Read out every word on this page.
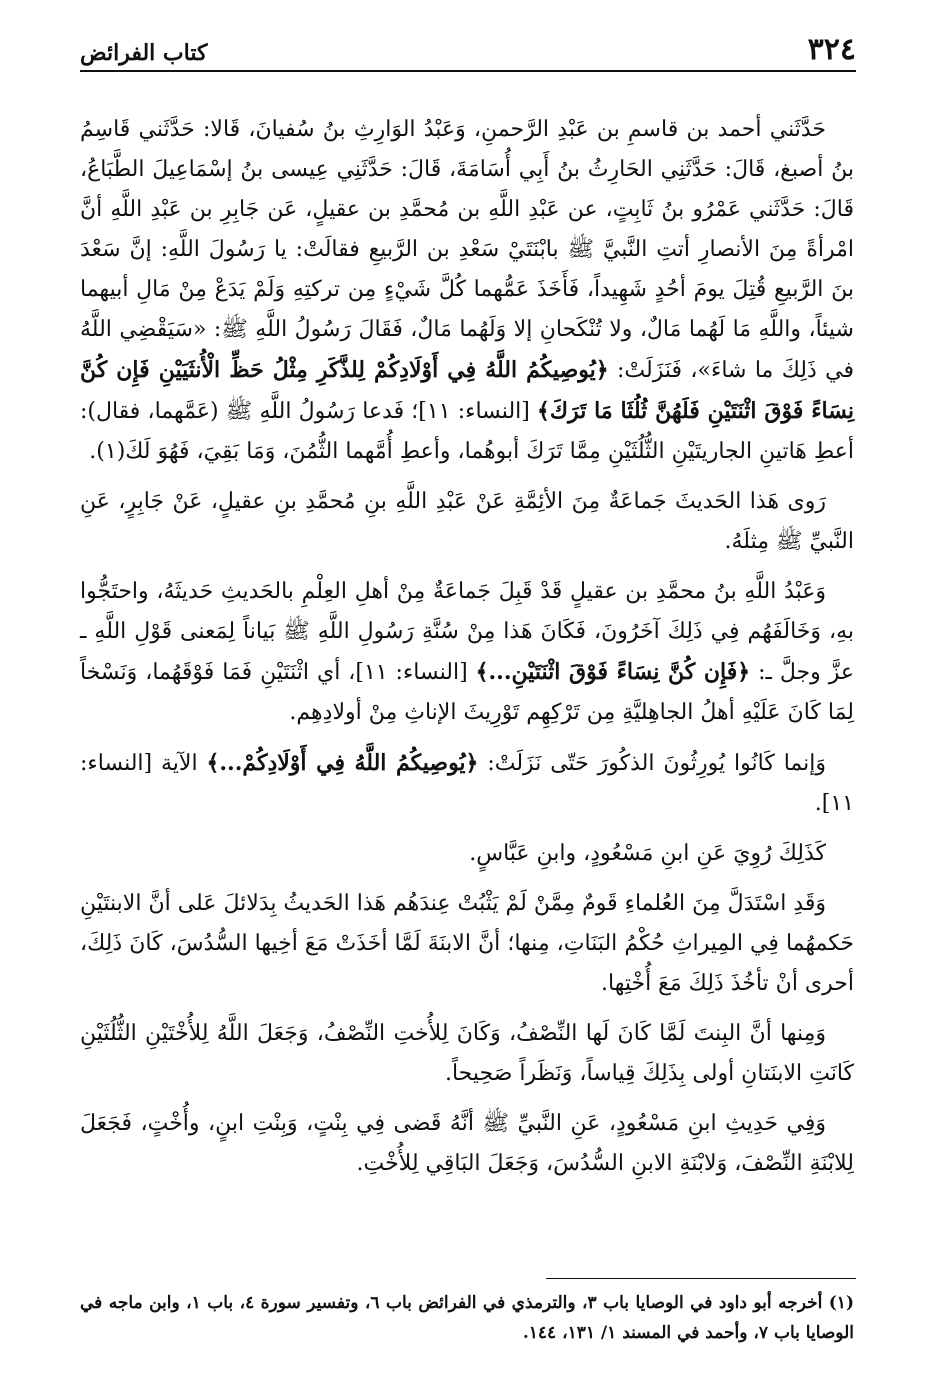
٣٢٤
كتاب الفرائض

حَدَّثَني أحمد بن قاسمِ بن عَبْدِ الرَّحمنِ، وَعَبْدُ الوَارِثِ بنُ سُفيانَ، قَالا: حَدَّثَني قَاسِمُ بنُ أصبغ، قَالَ: حَدَّثَنِي الحَارِثُ بنُ أَبِي أُسَامَةَ، قَالَ: حَدَّثَنِي عِيسى بنُ إسْمَاعِيلَ الطَّبَاعُ، قَالَ: حَدَّثَني عَمْرُو بنُ ثَابِتٍ، عن عَبْدِ اللَّهِ بن مُحمَّدِ بن عقيلٍ، عَن جَابِرِ بن عَبْدِ اللَّهِ أنَّ امْرأةً مِنَ الأنصارِ أتتِ النَّبيَّ ﷺ بابْنَتَيْ سَعْدِ بن الرَّبيعِ فقالَتْ: يا رَسُولَ اللَّهِ: إنَّ سَعْدَ بنَ الرَّبيعِ قُتِلَ يومَ أحُدٍ شَهِيداً، فَأَخَذَ عَمُّهما كُلَّ شَيْءٍ مِن تركتِهِ وَلَمْ يَدَعْ مِنْ مَالِ أبيهما شيئاً، واللَّهِ مَا لَهُما مَالٌ، ولا تُنْكَحانِ إلا وَلَهُما مَالٌ، فَقَالَ رَسُولُ اللَّهِ ﷺ: «سَيَقْضِي اللَّهُ في ذَلِكَ ما شاءَ»، فَنَزَلَتْ: ﴿يُوصِيكُمُ اللَّهُ فِي أَوْلَادِكُمْ لِلذَّكَرِ مِثْلُ حَظِّ الْأُنثَيَيْنِ فَإِن كُنَّ نِسَاءً فَوْقَ اثْنَتَيْنِ فَلَهُنَّ ثُلُثَا مَا تَرَكَ﴾ [النساء: ١١]؛ فَدعا رَسُولُ اللَّهِ ﷺ (عَمَّهما، فقال): أعطِ هَاتينِ الجاريتَيْنِ الثُّلُثَيْنِ مِمَّا تَرَكَ أبوهُما، وأعطِ أُمَّهما الثُّمُنَ، وَمَا بَقِيَ، فَهُوَ لَكَ(١).

رَوى هَذا الحَديثَ جَماعَةٌ مِنَ الأئِمَّةِ عَنْ عَبْدِ اللَّهِ بنِ مُحمَّدِ بنِ عقيلٍ، عَنْ جَابِرٍ، عَنِ النَّبيِّ ﷺ مِثلَهُ.

وَعَبْدُ اللَّهِ بنُ محمَّدِ بن عقيلٍ قَدْ قَبِلَ جَماعَةٌ مِنْ أهلِ العِلْمِ بالحَديثِ حَديثَهُ، واحتَجُّوا بهِ، وَخَالَفَهُم فِي ذَلِكَ آخَرُونَ، فَكَانَ هَذا مِنْ سُنَّةِ رَسُولِ اللَّهِ ﷺ بَياناً لِمَعنى قَوْلِ اللَّهِ ـ عزَّ وجلَّ ـ: ﴿فَإِن كُنَّ نِسَاءً فَوْقَ اثْنَتَيْنِ...﴾ [النساء: ١١]، أي اثْنَتَيْنِ فَمَا فَوْقَهُما، وَنَسْخاً لِمَا كَانَ عَلَيْهِ أهلُ الجاهِليَّةِ مِن تَرْكِهِم تَوْرِيثَ الإناثِ مِنْ أولادِهِم.

وَإنما كَانُوا يُورِثُونَ الذكُورَ حَتّى نَزَلَتْ: ﴿يُوصِيكُمُ اللَّهُ فِي أَوْلَادِكُمْ...﴾ الآية [النساء: ١١].

كَذَلِكَ رُوِيَ عَنِ ابنِ مَسْعُودٍ، وابنِ عَبَّاسٍ.

وَقَدِ اسْتَدَلَّ مِنَ العُلماءِ قَومٌ مِمَّنْ لَمْ يَثْبُتْ عِندَهُم هَذا الحَديثُ بِدَلائلَ عَلى أنَّ الابنتَيْنِ حَكمهُما فِي المِيراثِ حُكْمُ البَنَاتِ، مِنها؛ أنَّ الابنَةَ لَمَّا أخَذَتْ مَعَ أخِيها السُّدُسَ، كَانَ ذَلِكَ، أحرى أنْ تأخُذَ ذَلِكَ مَعَ أُخْتِها.

وَمِنها أنَّ البِنتَ لَمَّا كَانَ لَها النِّصْفُ، وَكَانَ لِلأُختِ النِّصْفُ، وَجَعَلَ اللَّهُ لِلأُخْتَيْنِ الثُّلُثَيْنِ كَانَتِ الابنَتانِ أولى بِذَلِكَ قِياساً، وَنَظَراً صَحِيحاً.

وَفِي حَدِيثِ ابنِ مَسْعُودٍ، عَنِ النَّبيِّ ﷺ أنَّهُ قَضى فِي بِنْتٍ، وَبِنْتِ ابنٍ، وأُخْتٍ، فَجَعَلَ لِلابْنَةِ النِّصْفَ، وَلابْنَةِ الابنِ السُّدُسَ، وَجَعَلَ البَاقِي لِلأُخْتِ.

(١) أخرجه أبو داود في الوصايا باب ٣، والترمذي في الفرائض باب ٦، وتفسير سورة ٤، باب ١، وابن ماجه في الوصايا باب ٧، وأحمد في المسند ١/ ١٣١، ١٤٤.
